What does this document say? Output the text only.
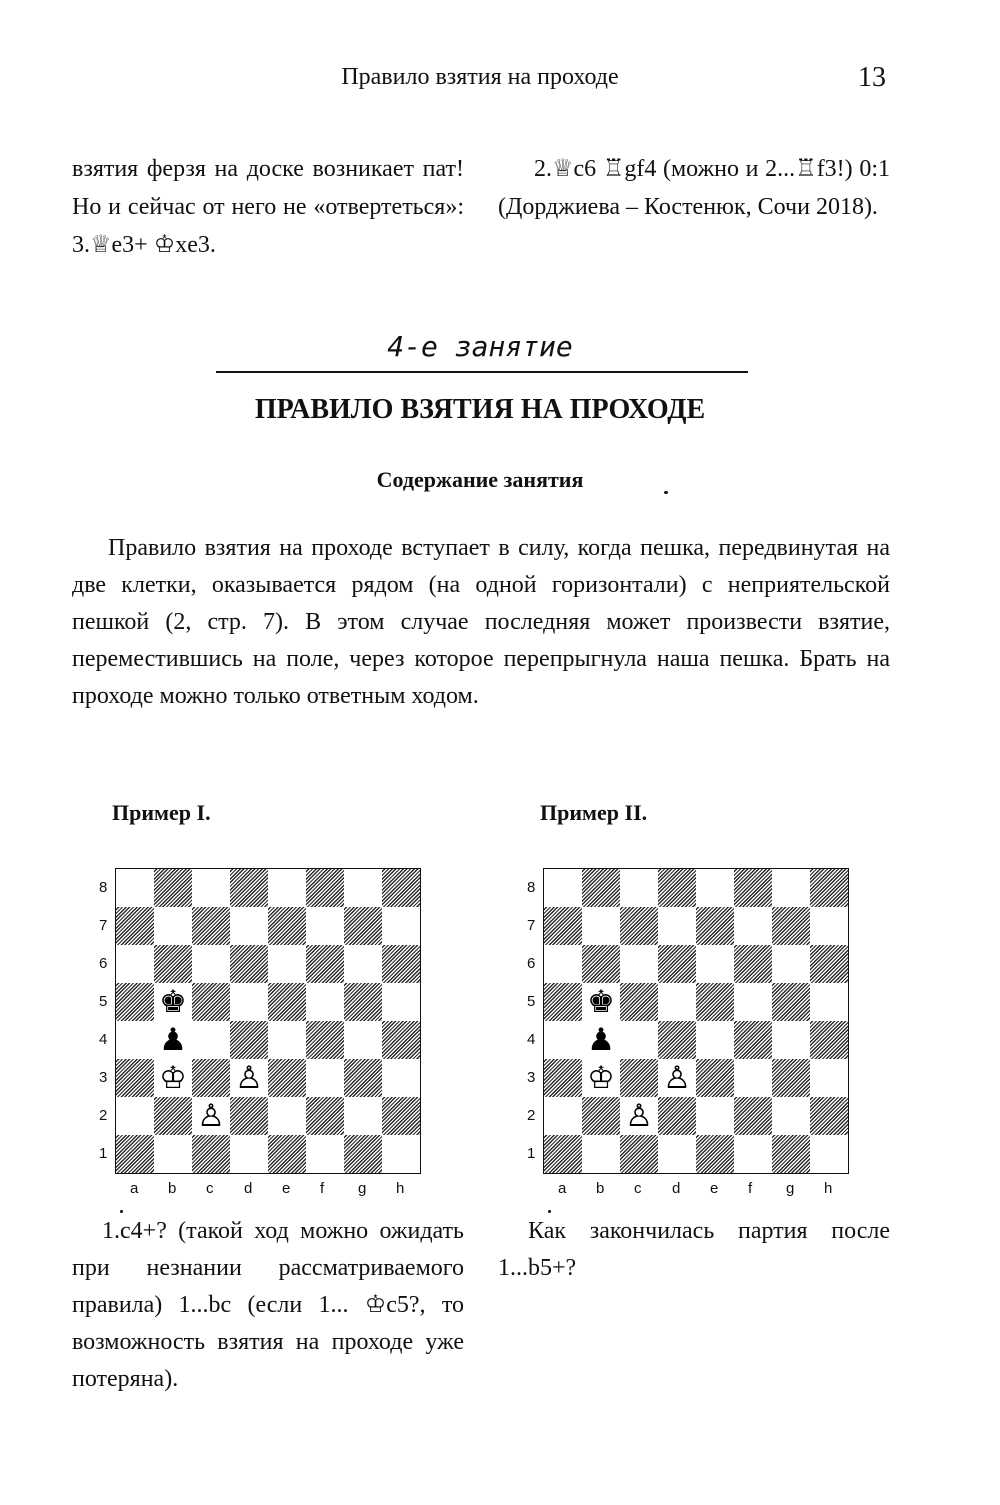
Правило взятия на проходе	13

взятия ферзя на доске возникает пат! Но и сейчас от него не «отвертеться»: 3.♕e3+ ♔xe3.

2.♕c6 ♖gf4 (можно и 2...♖f3!) 0:1 (Дорджиева – Костенюк, Сочи 2018).

4-е занятие
ПРАВИЛО ВЗЯТИЯ НА ПРОХОДЕ
Содержание занятия
Правило взятия на проходе вступает в силу, когда пешка, передвинутая на две клетки, оказывается рядом (на одной горизонтали) с неприятельской пешкой (2, стр. 7). В этом случае последняя может произвести взятие, переместившись на поле, через которое перепрыгнула наша пешка. Брать на проходе можно только ответным ходом.
Пример I.
♚
♟
♔ ♙
♙
8
7
6
5
4
3
2
1
a b c d e f g h
1.c4+? (такой ход можно ожидать при незнании рассматриваемого правила) 1...bc (если 1... ♔c5?, то возможность взятия на проходе уже потеряна).
Пример II.
♚
♟
♔ ♙
♙
8
7
6
5
4
3
2
1
a b c d e f g h
Как закончилась партия после 1...b5+?
